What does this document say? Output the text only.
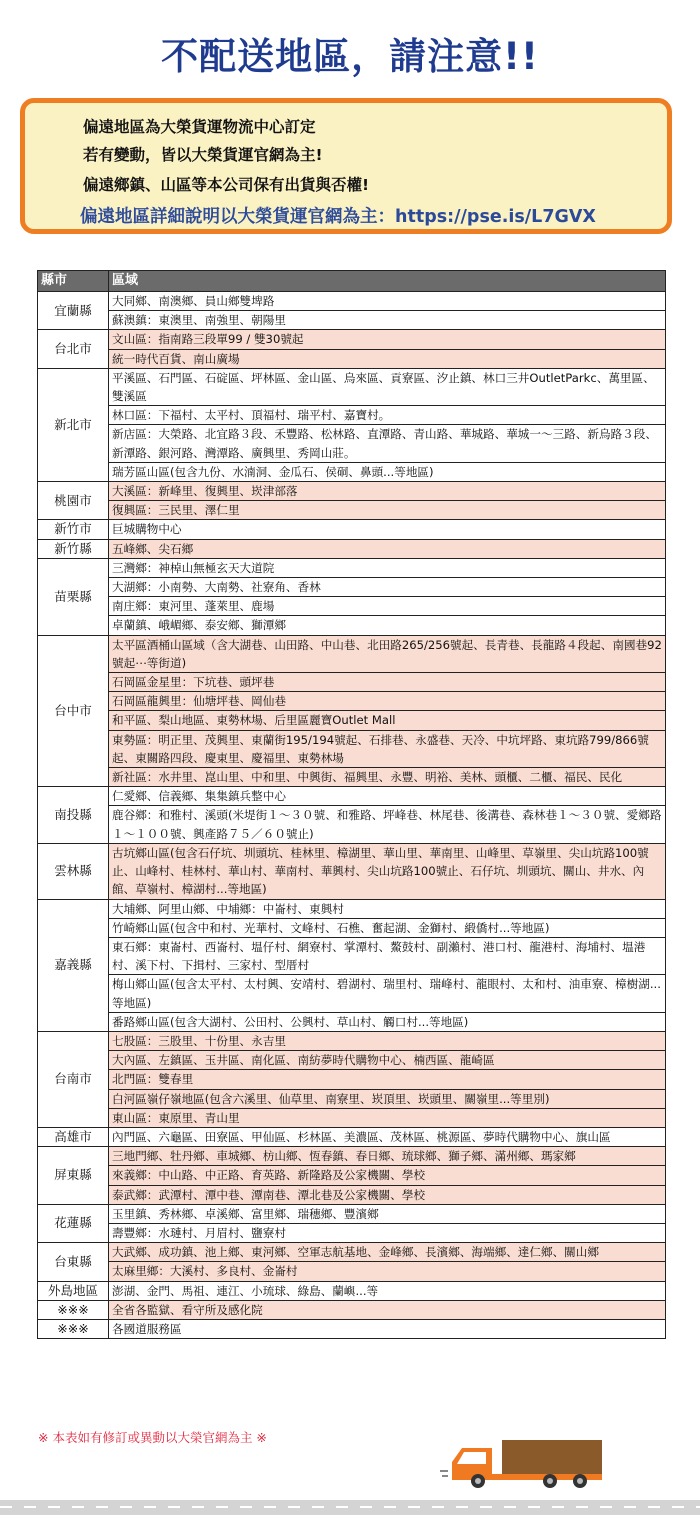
不配送地區，請注意!!
偏遠地區為大榮貨運物流中心訂定
若有變動，皆以大榮貨運官網為主!
偏遠鄉鎮、山區等本公司保有出貨與否權!
偏遠地區詳細說明以大榮貨運官網為主：https://pse.is/L7GVX
縣市	區域
宜蘭縣	大同鄉、南澳鄉、員山鄉雙埤路
	蘇澳鎮：東澳里、南強里、朝陽里
台北市	文山區：指南路三段單99 / 雙30號起
	統一時代百貨、南山廣場
新北市	平溪區、石門區、石碇區、坪林區、金山區、烏來區、貢寮區、汐止鎮、林口三井OutletParkc、萬里區、雙溪區
	林口區：下福村、太平村、頂福村、瑞平村、嘉寶村。
	新店區：大榮路、北宜路３段、禾豐路、松林路、直潭路、青山路、華城路、華城一～三路、新烏路３段、新潭路、銀河路、灣潭路、廣興里、秀岡山莊。
	瑞芳區山區(包含九份、水湳洞、金瓜石、侯硐、鼻頭...等地區)
桃園市	大溪區：新峰里、復興里、崁津部落
	復興區：三民里、澤仁里
新竹市	巨城購物中心
新竹縣	五峰鄉、尖石鄉
苗栗縣	三灣鄉：神棹山無極玄天大道院
	大湖鄉：小南勢、大南勢、社寮角、香林
	南庄鄉：東河里、蓬萊里、鹿場
	卓蘭鎮、峨嵋鄉、泰安鄉、獅潭鄉
台中市	太平區酒桶山區域（含大湖巷、山田路、中山巷、北田路265/256號起、長青巷、長龍路４段起、南國巷92號起⋯等街道)
	石岡區金星里：下坑巷、頭坪巷
	石岡區龍興里：仙塘坪巷、岡仙巷
	和平區、梨山地區、東勢林場、后里區麗寶Outlet Mall
	東勢區：明正里、茂興里、東蘭街195/194號起、石排巷、永盛巷、天冷、中坑坪路、東坑路799/866號起、東關路四段、慶東里、慶福里、東勢林場
	新社區：水井里、崑山里、中和里、中興街、福興里、永豐、明裕、美林、頭櫃、二櫃、福民、民化
南投縣	仁愛鄉、信義鄉、集集鎮兵整中心
	鹿谷鄉：和雅村、溪頭(米堤街１～３０號、和雅路、坪峰巷、林尾巷、後溝巷、森林巷１～３０號、愛鄉路１～１００號、興產路７５／６０號止)
雲林縣	古坑鄉山區(包含石仔坑、圳頭坑、桂林里、樟湖里、華山里、華南里、山峰里、草嶺里、尖山坑路100號止、山峰村、桂林村、華山村、華南村、華興村、尖山坑路100號止、石仔坑、圳頭坑、關山、井水、內館、草嶺村、樟湖村...等地區)
嘉義縣	大埔鄉、阿里山鄉、中埔鄉：中崙村、東興村
	竹崎鄉山區(包含中和村、光華村、文峰村、石樵、奮起湖、金獅村、緞僑村...等地區)
	東石鄉：東崙村、西崙村、塭仔村、網寮村、掌潭村、鰲鼓村、副瀨村、港口村、龍港村、海埔村、塭港村、溪下村、下揖村、三家村、型厝村
	梅山鄉山區(包含太平村、太村興、安靖村、碧湖村、瑞里村、瑞峰村、龍眼村、太和村、油車寮、樟樹湖...等地區)
	番路鄉山區(包含大湖村、公田村、公興村、草山村、觸口村...等地區)
台南市	七股區：三股里、十份里、永吉里
	大內區、左鎮區、玉井區、南化區、南紡夢時代購物中心、楠西區、龍崎區
	北門區：雙春里
	白河區嶺仔嶺地區(包含六溪里、仙草里、南寮里、崁頂里、崁頭里、關嶺里...等里別)
	東山區：東原里、青山里
高雄市	內門區、六龜區、田寮區、甲仙區、杉林區、美濃區、茂林區、桃源區、夢時代購物中心、旗山區
屏東縣	三地門鄉、牡丹鄉、車城鄉、枋山鄉、恆春鎮、春日鄉、琉球鄉、獅子鄉、滿州鄉、瑪家鄉
	來義鄉：中山路、中正路、育英路、新隆路及公家機關、學校
	泰武鄉：武潭村、潭中巷、潭南巷、潭北巷及公家機關、學校
花蓮縣	玉里鎮、秀林鄉、卓溪鄉、富里鄉、瑞穗鄉、豐濱鄉
	壽豐鄉：水璉村、月眉村、鹽寮村
台東縣	大武鄉、成功鎮、池上鄉、東河鄉、空軍志航基地、金峰鄉、長濱鄉、海端鄉、達仁鄉、關山鄉
	太麻里鄉：大溪村、多良村、金崙村
外島地區	澎湖、金門、馬祖、連江、小琉球、綠島、蘭嶼...等
※※※	全省各監獄、看守所及感化院
※※※	各國道服務區
※ 本表如有修訂或異動以大榮官網為主 ※
